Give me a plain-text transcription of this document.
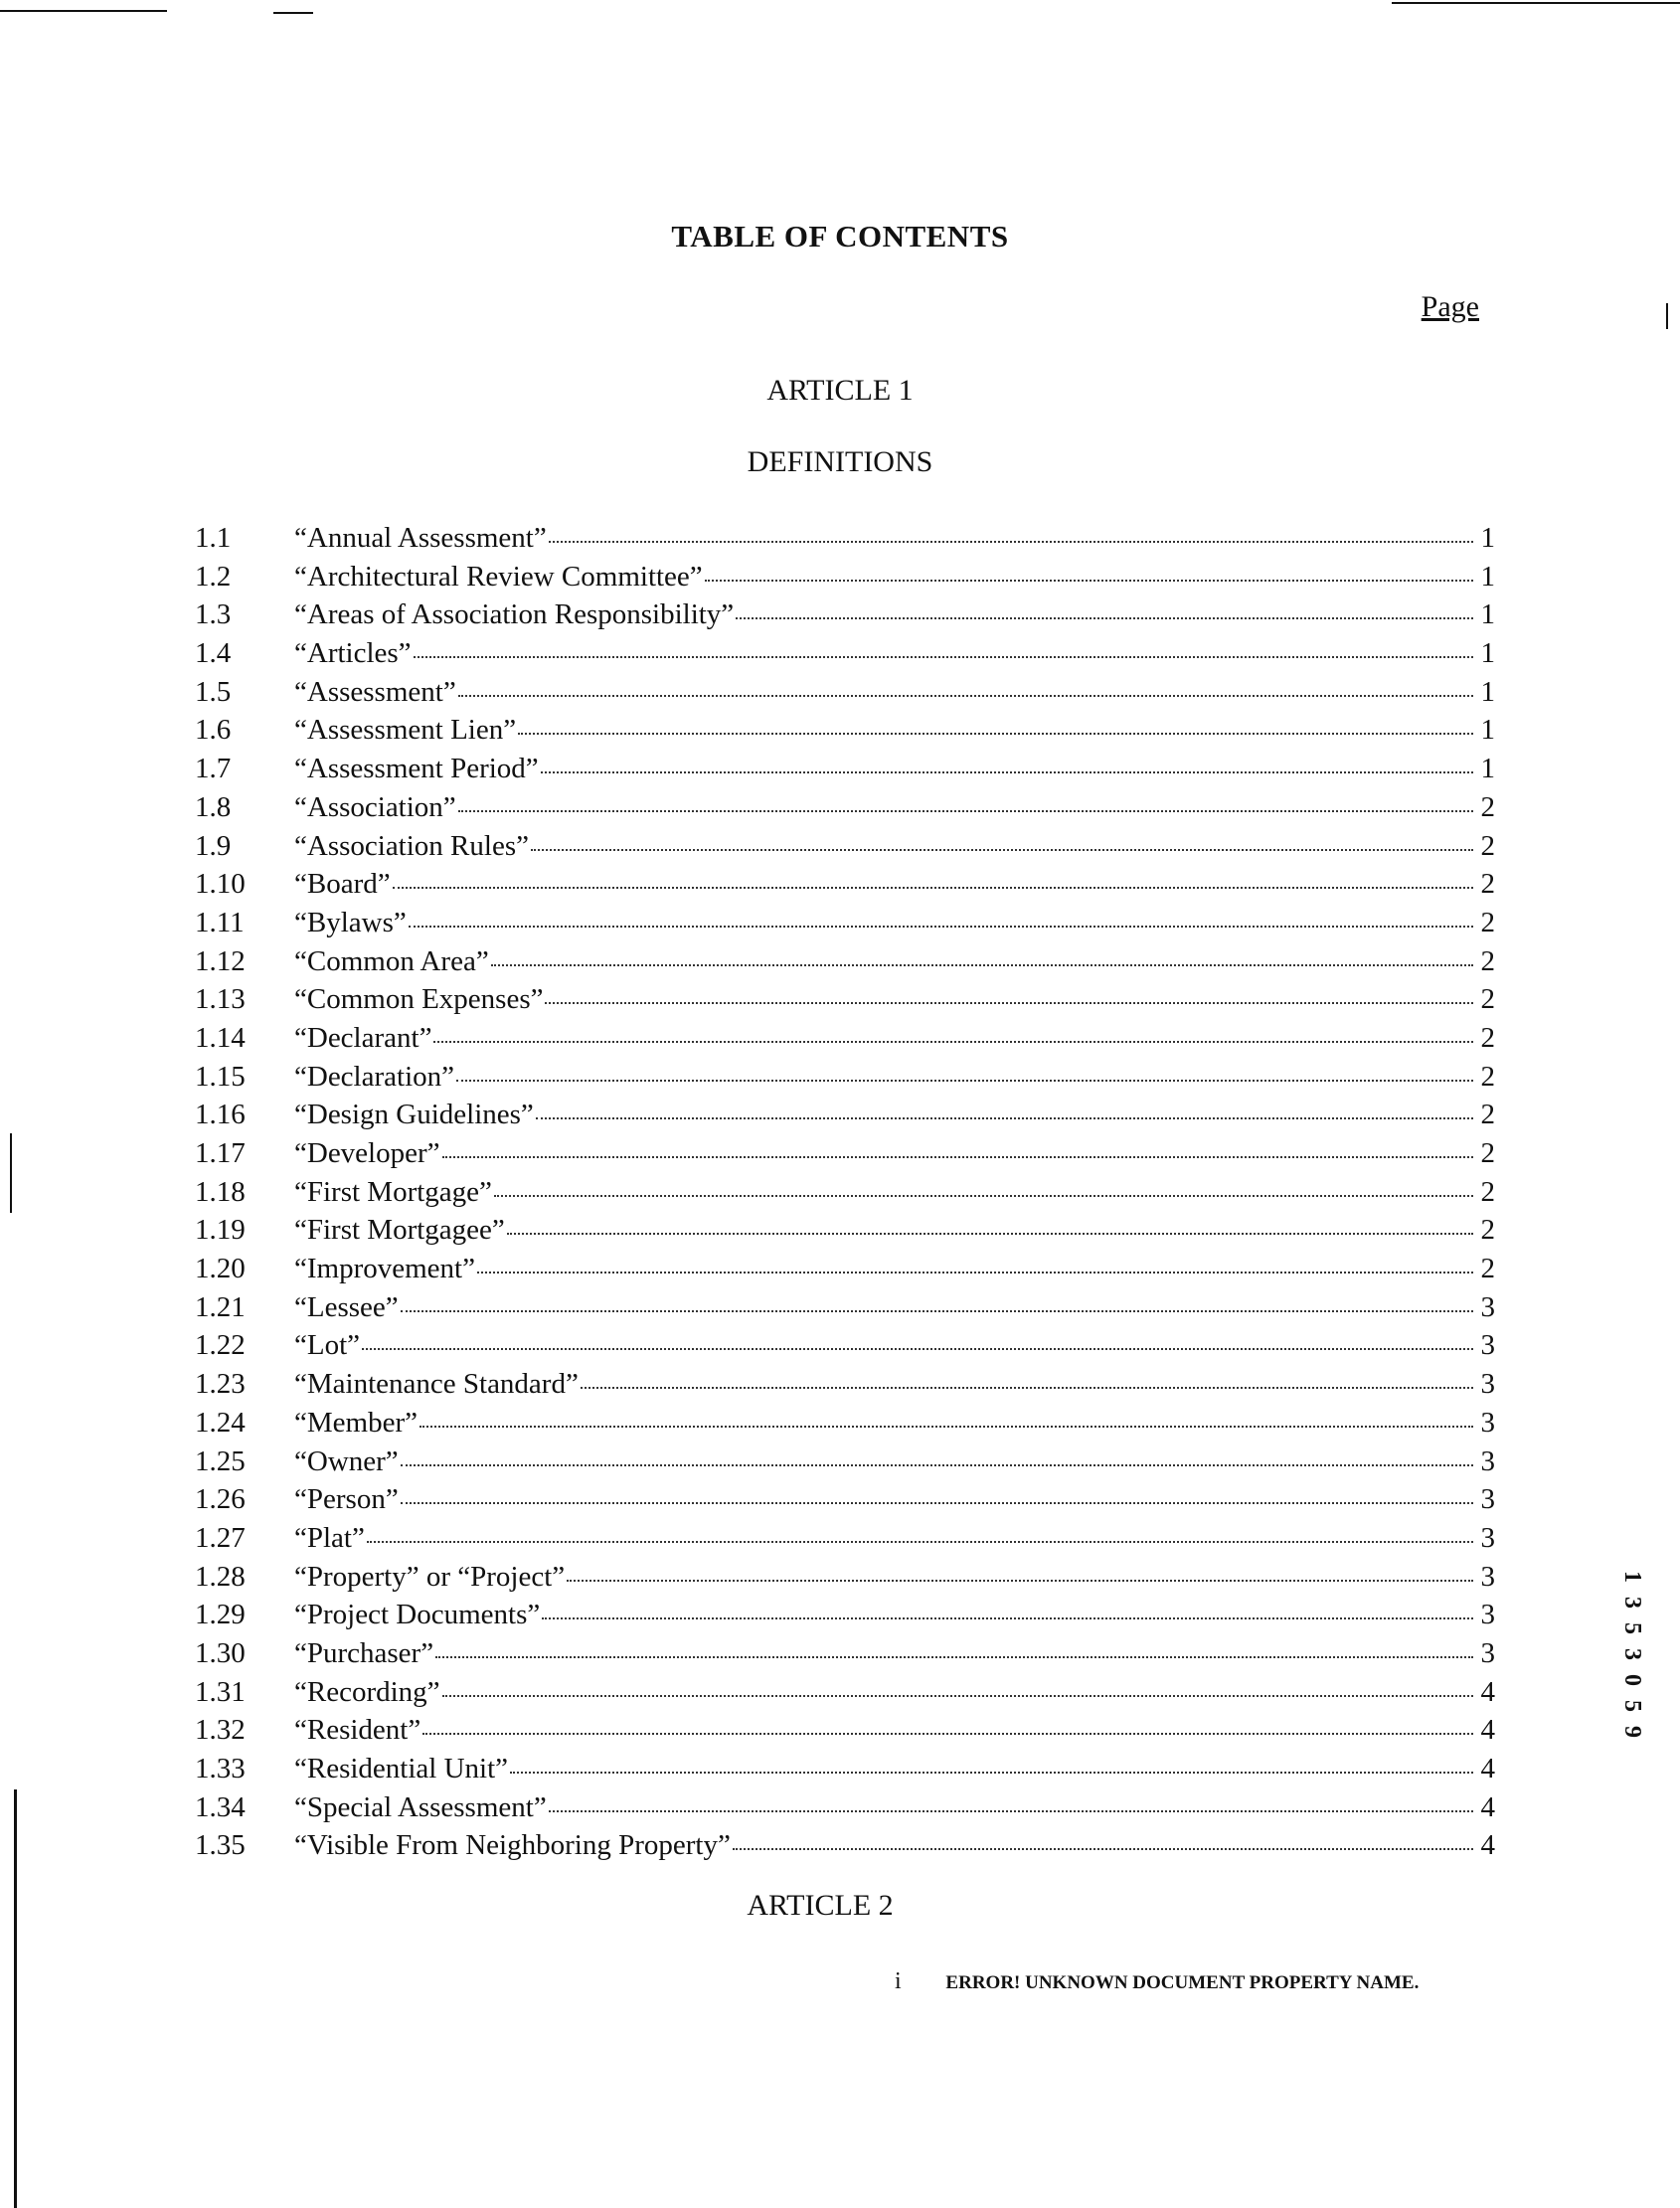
TABLE OF CONTENTS
Page
ARTICLE 1
DEFINITIONS
1.1	“Annual Assessment”	1
1.2	“Architectural Review Committee”	1
1.3	“Areas of Association Responsibility”	1
1.4	“Articles”	1
1.5	“Assessment”	1
1.6	“Assessment Lien”	1
1.7	“Assessment Period”	1
1.8	“Association”	2
1.9	“Association Rules”	2
1.10	“Board”	2
1.11	“Bylaws”	2
1.12	“Common Area”	2
1.13	“Common Expenses”	2
1.14	“Declarant”	2
1.15	“Declaration”	2
1.16	“Design Guidelines”	2
1.17	“Developer”	2
1.18	“First Mortgage”	2
1.19	“First Mortgagee”	2
1.20	“Improvement”	2
1.21	“Lessee”	3
1.22	“Lot”	3
1.23	“Maintenance Standard”	3
1.24	“Member”	3
1.25	“Owner”	3
1.26	“Person”	3
1.27	“Plat”	3
1.28	“Property” or “Project”	3
1.29	“Project Documents”	3
1.30	“Purchaser”	3
1.31	“Recording”	4
1.32	“Resident”	4
1.33	“Residential Unit”	4
1.34	“Special Assessment”	4
1.35	“Visible From Neighboring Property”	4
ARTICLE 2
i ERROR! UNKNOWN DOCUMENT PROPERTY NAME.
1 3 5 3 0 5 9
